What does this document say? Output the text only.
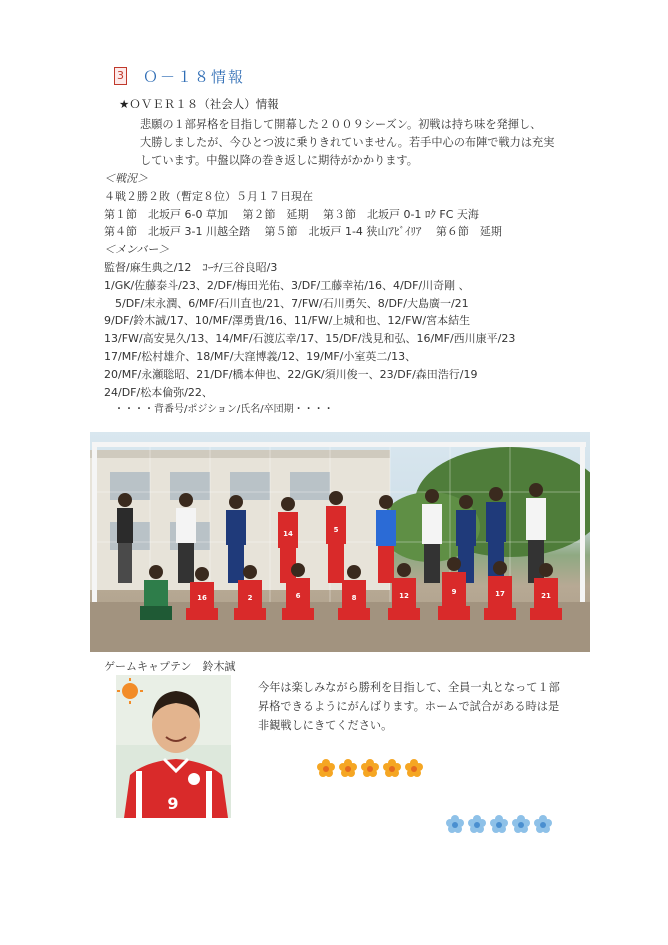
3 Ｏ－１８情報
★ＯＶＥＲ１８（社会人）情報
悲願の１部昇格を目指して開幕した２００９シーズン。初戦は持ち味を発揮し、
大勝しましたが、今ひとつ波に乗りきれていません。若手中心の布陣で戦力は充実
しています。中盤以降の巻き返しに期待がかかります。
＜戦況＞
４戦２勝２敗（暫定８位）５月１７日現在
第１節　北坂戸 6-0 草加　 第２節　延期　 第３節　北坂戸 0-1 ﾛｸ FC 天海
第４節　北坂戸 3-1 川越全踏　 第５節　北坂戸 1-4 狭山ｱﾋﾞｲﾘｱ　 第６節　延期
＜メンバー＞
監督/麻生典之/12　ｺｰﾁ/三谷良昭/3
1/GK/佐藤泰斗/23、2/DF/梅田光佑、3/DF/工藤幸祐/16、4/DF/川奇剛 、
　5/DF/末永潤、6/MF/石川直也/21、7/FW/石川勇矢、8/DF/大島廣一/21
9/DF/鈴木誠/17、10/MF/澤勇貴/16、11/FW/上城和也、12/FW/宮本結生
13/FW/高安晃久/13、14/MF/石渡広幸/17、15/DF/浅見和弘、16/MF/西川康平/23
17/MF/松村雄介、18/MF/大窪博義/12、19/MF/小室英二/13、
20/MF/永瀬聡昭、21/DF/橋本伸也、22/GK/須川俊一、23/DF/森田浩行/19
24/DF/松本倫弥/22、
　・・・・背番号/ポジション/氏名/卒団期・・・・
14	5
16	2	6	8	12	9	17	21
ゲームキャプテン　鈴木誠
9
今年は楽しみながら勝利を目指して、全員一丸となって１部
昇格できるようにがんばります。ホームで試合がある時は是
非観戦しにきてください。
